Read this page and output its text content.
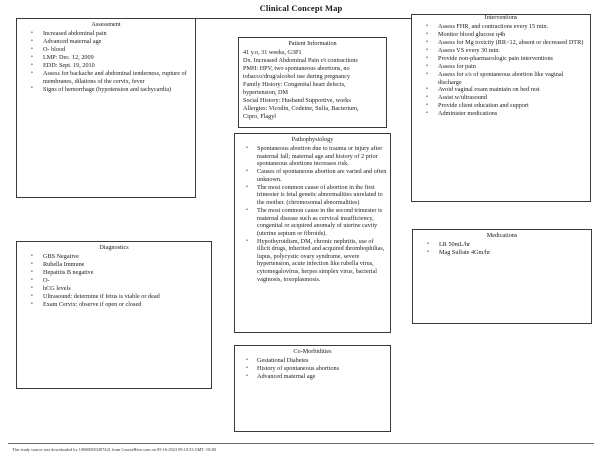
Clinical Concept Map
Assessment
• Increased abdominal pain
• Advanced maternal age
• O- blood
• LMP: Dec. 12, 2009
• EDD: Sept. 19, 2010
• Assess for backache and abdominal tenderness, rupture of membranes, dilations of the cervix, fever
• Signs of hemorrhage (hypotension and tachycardia)
Patient Information
41 y.o, 31 weeks, G3P1
Dx. Increased Abdominal Pain r/t contractions
PMH: HPV, two spontaneous abortions, no
tobacco/drug/alcohol use during pregnancy
Family History: Congenital heart defects,
hypertension, DM
Social History: Husband Supportive, works
Allergies: Vicodin, Codeine, Sulfa, Bacterium,
Cipro, Flagyl
Interventions
• Assess FHR, and contractions every 15 min.
• Monitor blood glucose q4h
• Assess for Mg toxicity (RR<12, absent or decreased DTR)
• Assess VS every 30 min.
• Provide non-pharmacologic pain interventions
• Assess for pain
• Assess for s/s of spontaneous abortion like vaginal discharge
• Avoid vaginal exam maintain on bed rest
• Assist w/ultrasound
• Provide client education and support
• Administer medications
Pathophysiology
• Spontaneous abortion due to trauma or injury after maternal fall; maternal age and history of 2 prior spontaneous abortions increases risk.
• Causes of spontaneous abortion are varied and often unknown.
• The most common cause of abortion in the first trimester is fetal genetic abnormalities unrelated to the mother. (chromosomal abnormalities)
• The most common cause in the second trimester is maternal disease such as cervical insufficiency, congenital or acquired anomaly of uterine cavity (uterine septum or fibroids).
• Hypothyroidism, DM, chronic nephritis, use of illicit drugs, inherited and acquired thrombophilias, lupus, polycystic ovary syndrome, severe hypertension, acute infection like rubella virus, cytomegalovirus, herpes simplex virus, bacterial vaginosis, toxoplasmosis.
Diagnostics
• GBS Negative
• Rubella Immune
• Hepatitis B negative
• O-
• hCG levels
• Ultrasound: determine if fetus is viable or dead
• Exam Cervix: observe if open or closed
Medications
• LR 50mL/hr
• Mag Sulfate 4Gm/hr
Co-Morbidities
• Gestational Diabetes
• History of spontaneous abortions
• Advanced maternal age
This study source was downloaded by 100000853497421 from CourseHero.com on 05-16-2023 09:10:53 GMT -05:00
